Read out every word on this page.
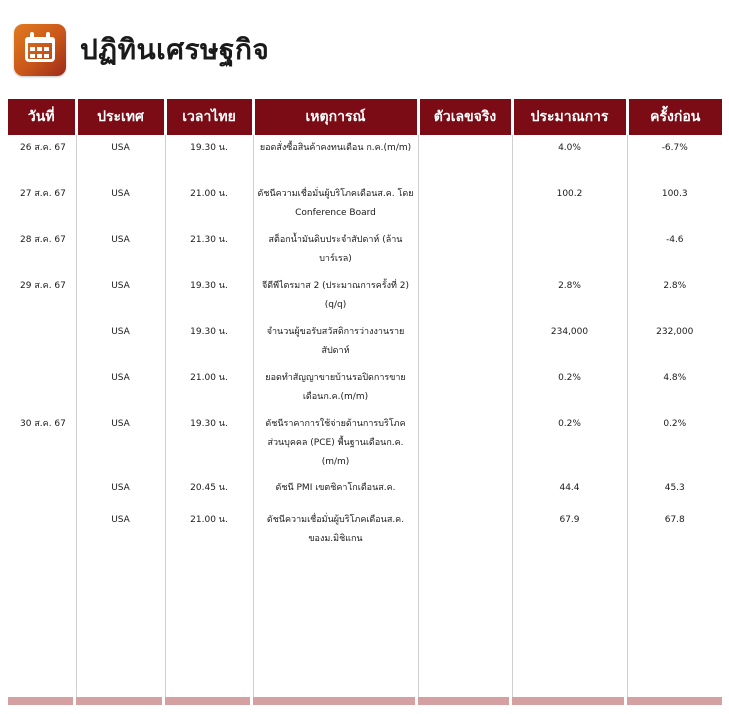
ปฏิทินเศรษฐกิจ
วันที่	ประเทศ	เวลาไทย	เหตุการณ์	ตัวเลขจริง	ประมาณการ	ครั้งก่อน
26 ส.ค. 67	USA	19.30 น.	ยอดสั่งซื้อสินค้าคงทนเดือน ก.ค.(m/m)		4.0%	-6.7%
27 ส.ค. 67	USA	21.00 น.	ดัชนีความเชื่อมั่นผู้บริโภคเดือนส.ค. โดย Conference Board		100.2	100.3
28 ส.ค. 67	USA	21.30 น.	สต็อกน้ำมันดิบประจำสัปดาห์ (ล้านบาร์เรล)			-4.6
29 ส.ค. 67	USA	19.30 น.	จีดีพีไตรมาส 2 (ประมาณการครั้งที่ 2) (q/q)		2.8%	2.8%
	USA	19.30 น.	จำนวนผู้ขอรับสวัสดิการว่างงานรายสัปดาห์		234,000	232,000
	USA	21.00 น.	ยอดทำสัญญาขายบ้านรอปิดการขายเดือนก.ค.(m/m)		0.2%	4.8%
30 ส.ค. 67	USA	19.30 น.	ดัชนีราคาการใช้จ่ายด้านการบริโภคส่วนบุคคล (PCE) พื้นฐานเดือนก.ค. (m/m)		0.2%	0.2%
	USA	20.45 น.	ดัชนี PMI เขตชิคาโกเดือนส.ค.		44.4	45.3
	USA	21.00 น.	ดัชนีความเชื่อมั่นผู้บริโภคเดือนส.ค. ของม.มิชิแกน		67.9	67.8
